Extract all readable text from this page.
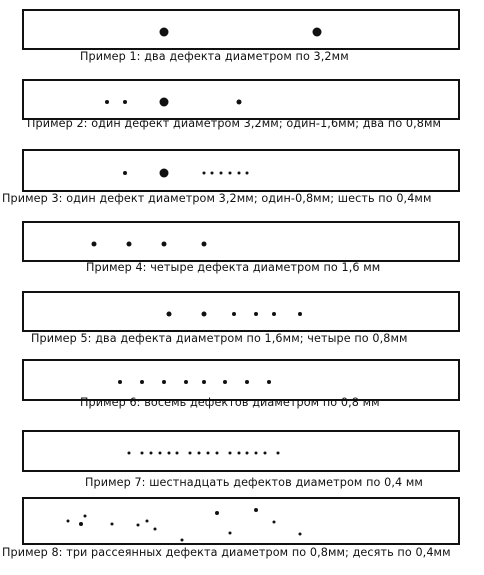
Пример 1: два дефекта диаметром по 3,2мм
Пример 2: один дефект диаметром 3,2мм; один-1,6мм; два по 0,8мм
Пример 3: один дефект диаметром 3,2мм; один-0,8мм; шесть по 0,4мм
Пример 4: четыре дефекта диаметром по 1,6 мм
Пример 5: два дефекта диаметром по 1,6мм; четыре по 0,8мм
Пример 6: восемь дефектов диаметром по 0,8 мм
Пример 7: шестнадцать дефектов диаметром по 0,4 мм
Пример 8: три рассеянных дефекта диаметром по 0,8мм; десять по 0,4мм
